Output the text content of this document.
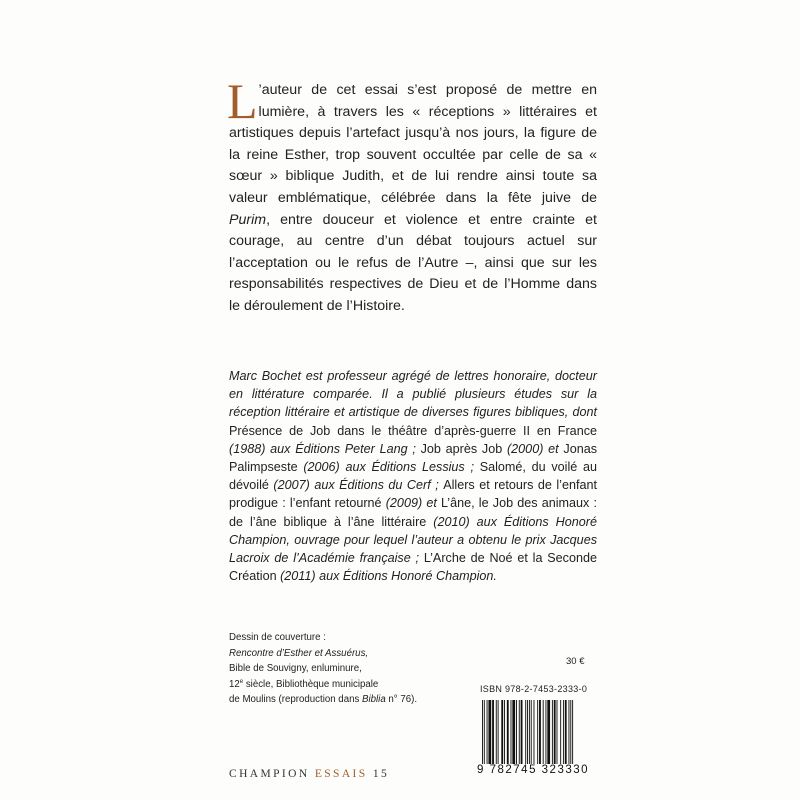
L ’auteur de cet essai s’est proposé de mettre en lumière, à travers les « réceptions » littéraires et artistiques depuis l’artefact jusqu’à nos jours, la figure de la reine Esther, trop souvent occultée par celle de sa « sœur » biblique Judith, et de lui rendre ainsi toute sa valeur emblématique, célébrée dans la fête juive de Purim, entre douceur et violence et entre crainte et courage, au centre d’un débat toujours actuel sur l’acceptation ou le refus de l’Autre –, ainsi que sur les responsabilités respectives de Dieu et de l’Homme dans le déroulement de l’Histoire.
Marc Bochet est professeur agrégé de lettres honoraire, docteur en littérature comparée. Il a publié plusieurs études sur la réception littéraire et artistique de diverses figures bibliques, dont Présence de Job dans le théâtre d’après-guerre II en France (1988) aux Éditions Peter Lang ; Job après Job (2000) et Jonas Palimpseste (2006) aux Éditions Lessius ; Salomé, du voilé au dévoilé (2007) aux Éditions du Cerf ; Allers et retours de l’enfant prodigue : l’enfant retourné (2009) et L’âne, le Job des animaux : de l’âne biblique à l’âne littéraire (2010) aux Éditions Honoré Champion, ouvrage pour lequel l’auteur a obtenu le prix Jacques Lacroix de l’Académie française ; L’Arche de Noé et la Seconde Création (2011) aux Éditions Honoré Champion.
Dessin de couverture :
Rencontre d’Esther et Assuérus,
Bible de Souvigny, enluminure,
12e siècle, Bibliothèque municipale
de Moulins (reproduction dans Biblia n° 76).
30 €
ISBN 978-2-7453-2333-0
9 782745 323330
CHAMPION ESSAIS 15
